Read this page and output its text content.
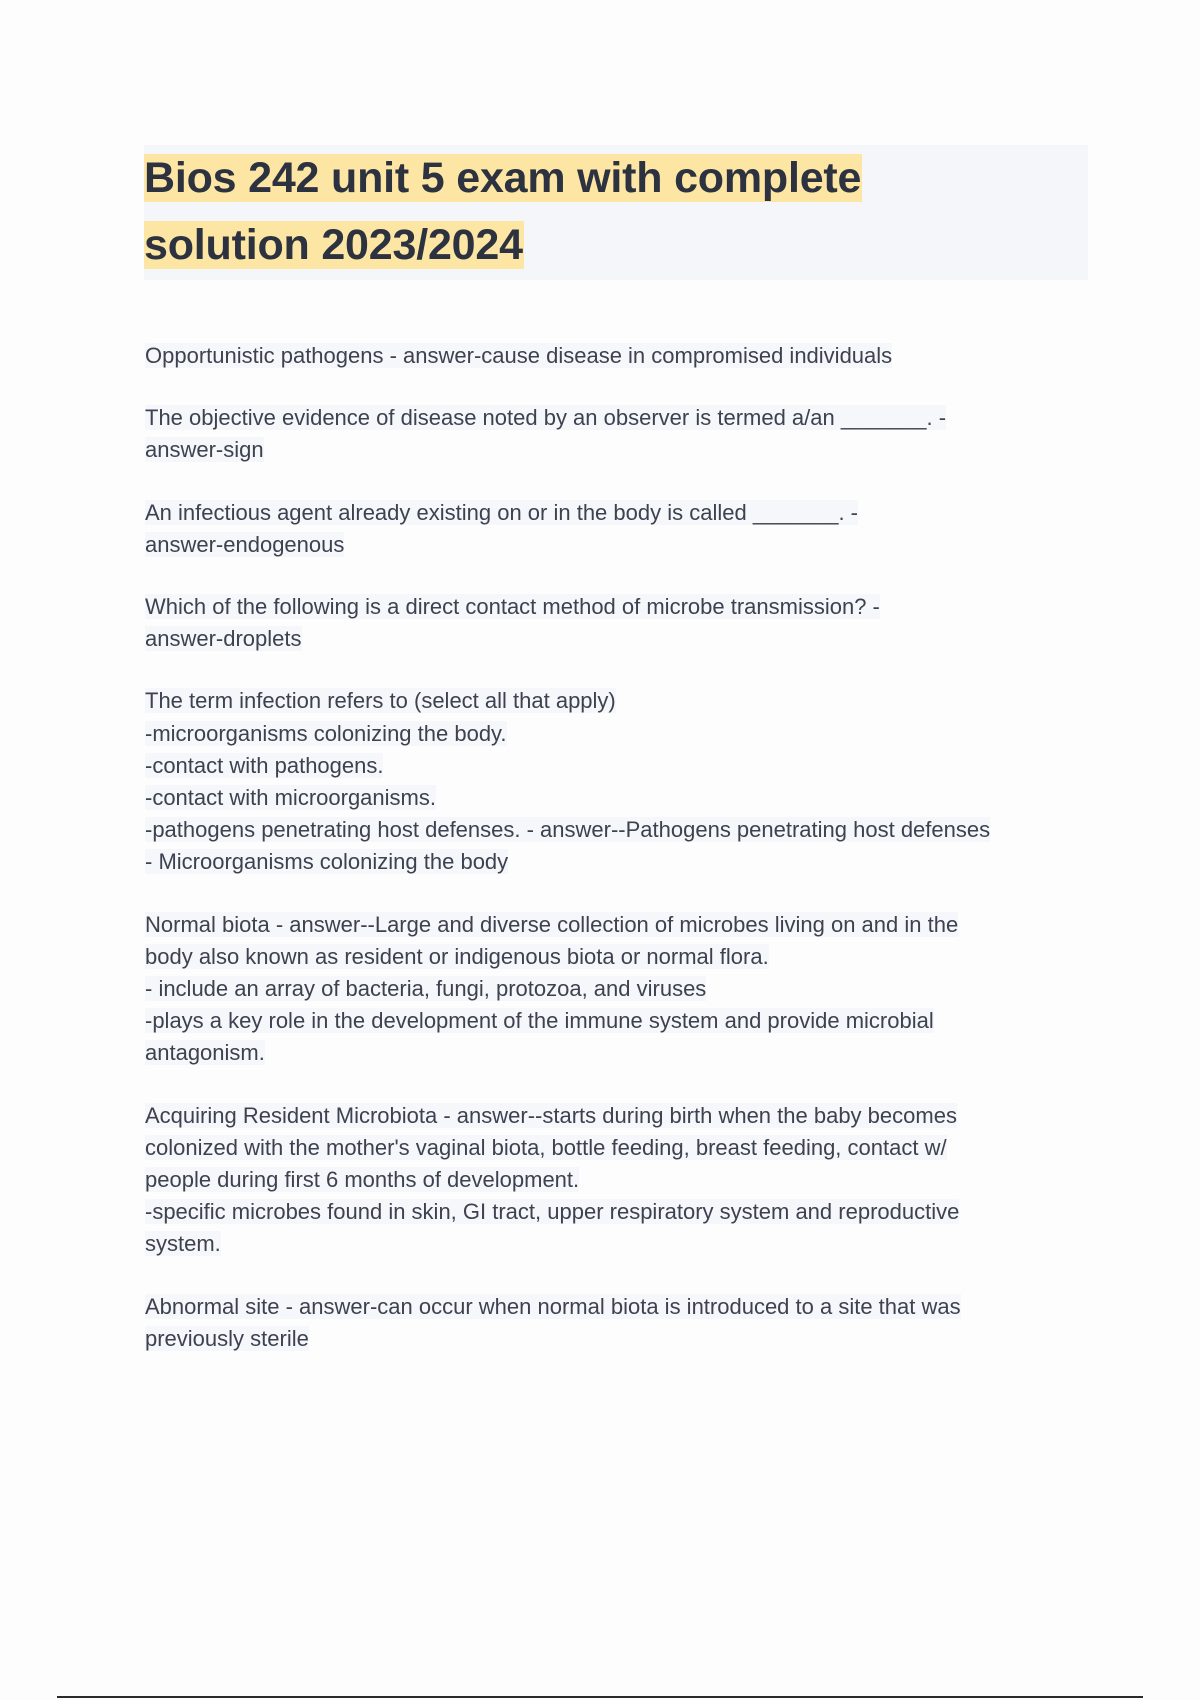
Bios 242 unit 5 exam with complete
solution 2023/2024
Opportunistic pathogens - answer-cause disease in compromised individuals
The objective evidence of disease noted by an observer is termed a/an _______. -
answer-sign
An infectious agent already existing on or in the body is called _______. -
answer-endogenous
Which of the following is a direct contact method of microbe transmission? -
answer-droplets
The term infection refers to (select all that apply)
-microorganisms colonizing the body.
-contact with pathogens.
-contact with microorganisms.
-pathogens penetrating host defenses. - answer--Pathogens penetrating host defenses
- Microorganisms colonizing the body
Normal biota - answer--Large and diverse collection of microbes living on and in the
body also known as resident or indigenous biota or normal flora.
- include an array of bacteria, fungi, protozoa, and viruses
-plays a key role in the development of the immune system and provide microbial
antagonism.
Acquiring Resident Microbiota - answer--starts during birth when the baby becomes
colonized with the mother's vaginal biota, bottle feeding, breast feeding, contact w/
people during first 6 months of development.
-specific microbes found in skin, GI tract, upper respiratory system and reproductive
system.
Abnormal site - answer-can occur when normal biota is introduced to a site that was
previously sterile
